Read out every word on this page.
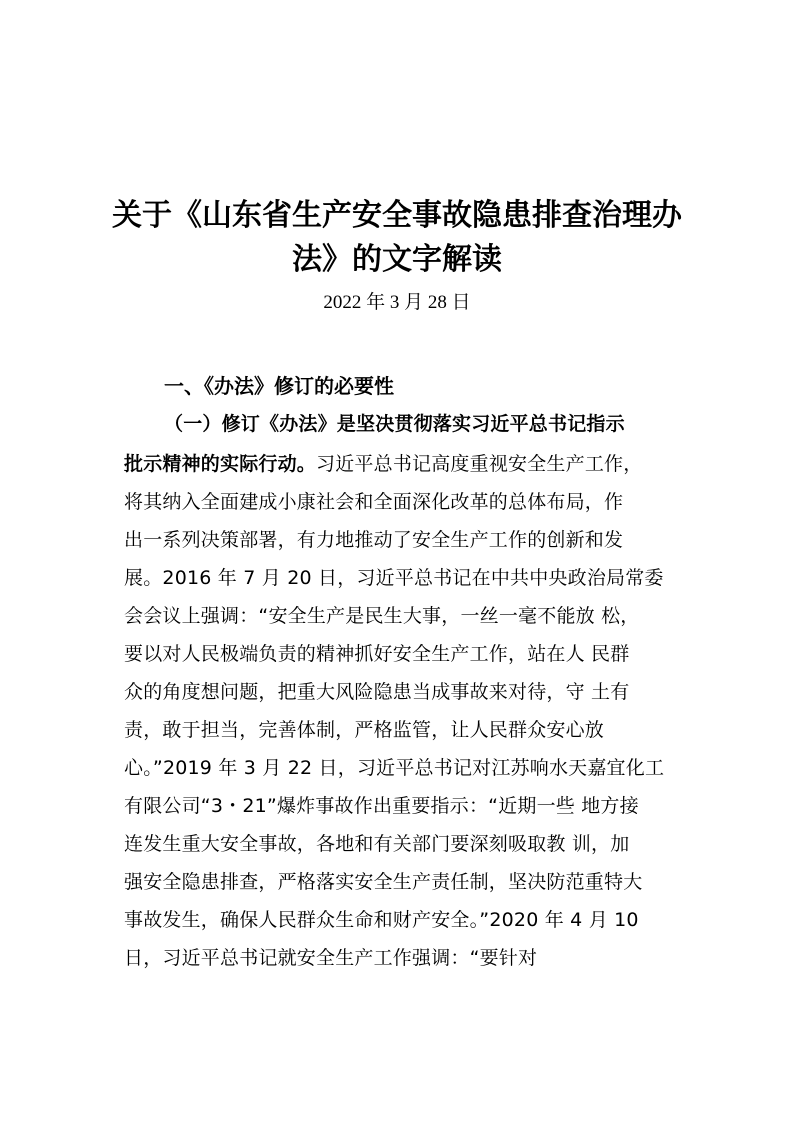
关于《山东省生产安全事故隐患排查治理办
法》的文字解读
2022 年 3 月 28 日
一、《办法》修订的必要性
（一）修订《办法》是坚决贯彻落实习近平总书记指示
批示精神的实际行动。习近平总书记高度重视安全生产工作，
将其纳入全面建成小康社会和全面深化改革的总体布局，作
出一系列决策部署，有力地推动了安全生产工作的创新和发
展。2016 年 7 月 20 日，习近平总书记在中共中央政治局常委
会会议上强调：“安全生产是民生大事，一丝一毫不能放 松，
要以对人民极端负责的精神抓好安全生产工作，站在人 民群
众的角度想问题，把重大风险隐患当成事故来对待，守 土有
责，敢于担当，完善体制，严格监管，让人民群众安心放
心。”2019 年 3 月 22 日，习近平总书记对江苏响水天嘉宜化工
有限公司“3・21”爆炸事故作出重要指示：“近期一些 地方接
连发生重大安全事故，各地和有关部门要深刻吸取教 训，加
强安全隐患排查，严格落实安全生产责任制，坚决防范重特大
事故发生，确保人民群众生命和财产安全。”2020 年 4 月 10
日，习近平总书记就安全生产工作强调：“要针对
